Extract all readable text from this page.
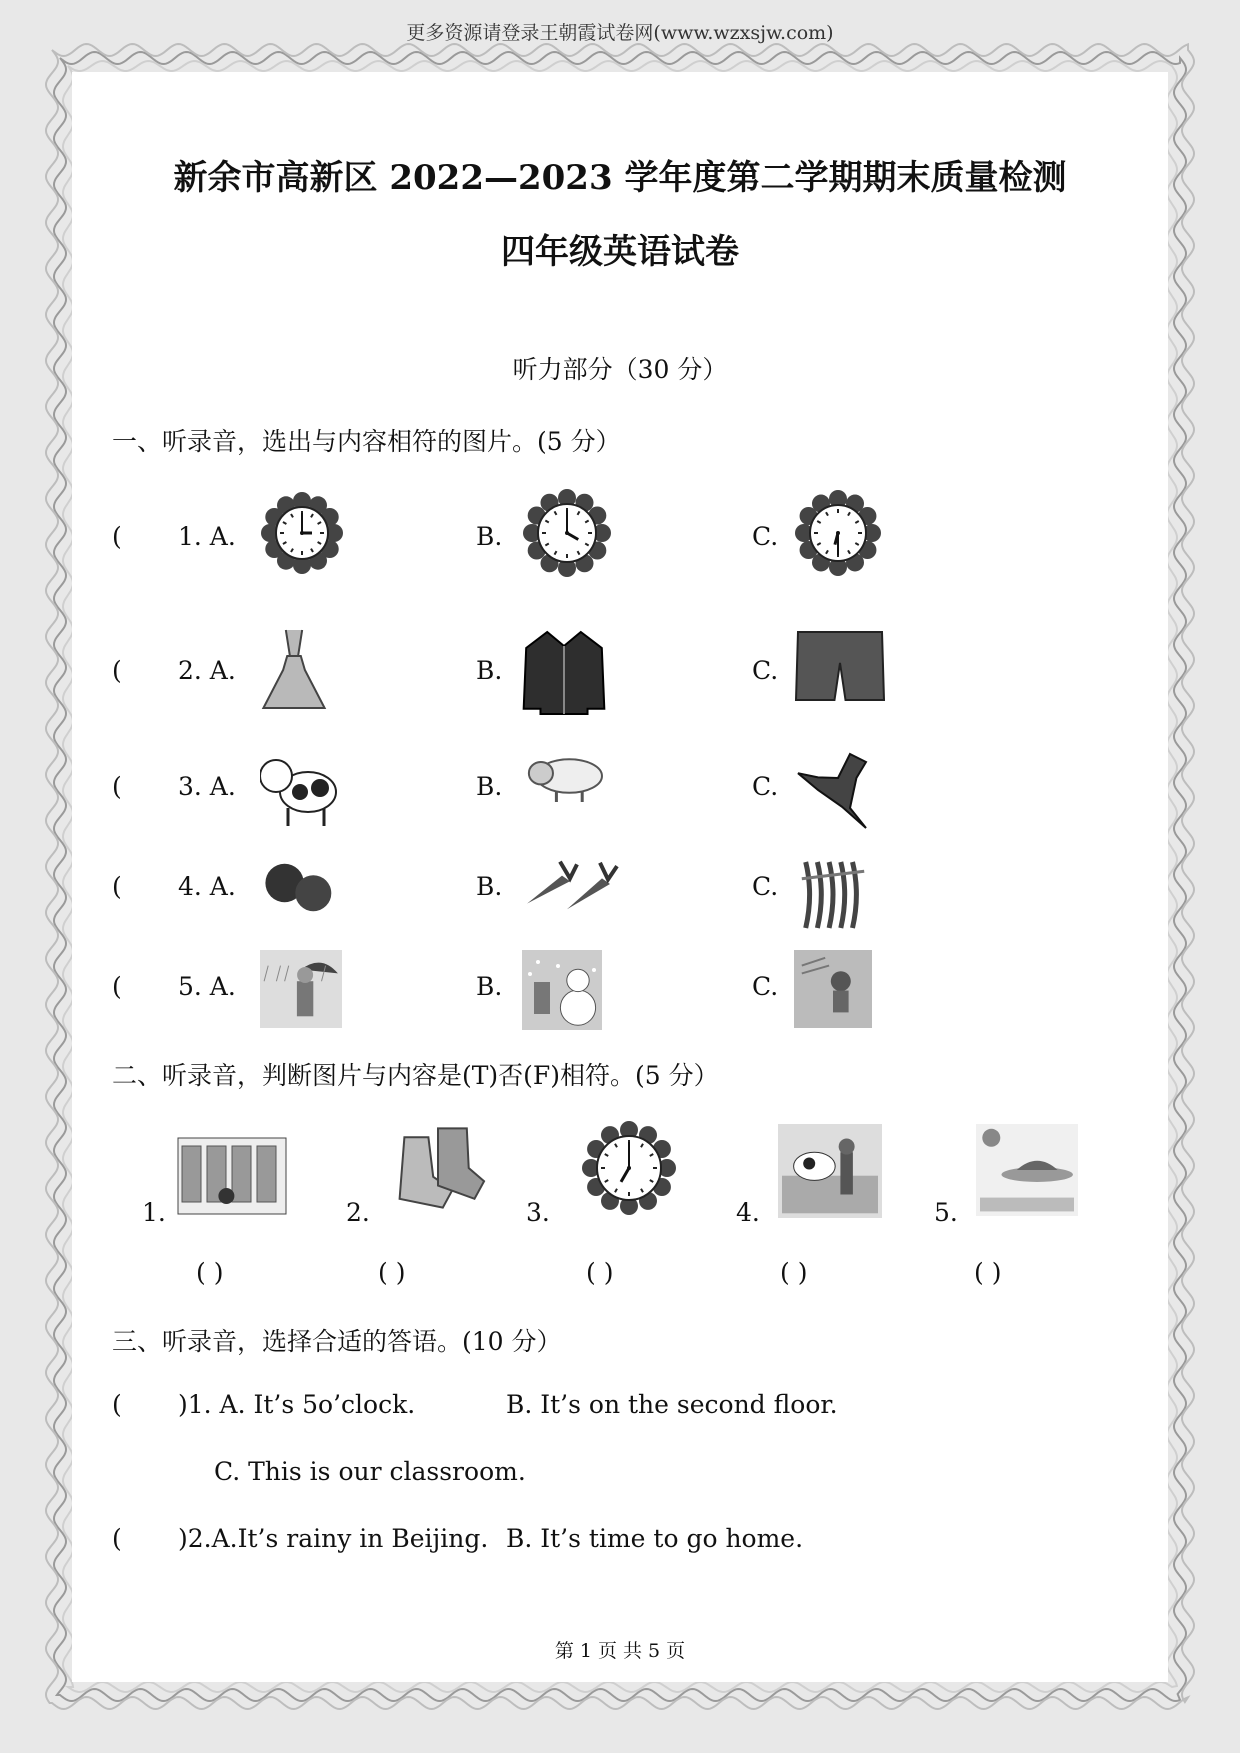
更多资源请登录王朝霞试卷网(www.wzxsjw.com)
新余市高新区 2022—2023 学年度第二学期期末质量检测
四年级英语试卷
听力部分（30 分）
一、听录音，选出与内容相符的图片。(5 分）
( 1. A.	B.	C.
( 2. A.	B.	C.
( 3. A.	B.	C.
( 4. A.	B.	C.
( 5. A.	B.	C.
二、听录音，判断图片与内容是(T)否(F)相符。(5 分）
1.
( )
2.
( )
3.
( )
4.
( )
5.
( )
三、听录音，选择合适的答语。(10 分）
( )1. A. It’s 5o’clock.	B. It’s on the second floor.
C. This is our classroom.
( )2.A.It’s rainy in Beijing. B. It’s time to go home.
第 1 页 共 5 页
